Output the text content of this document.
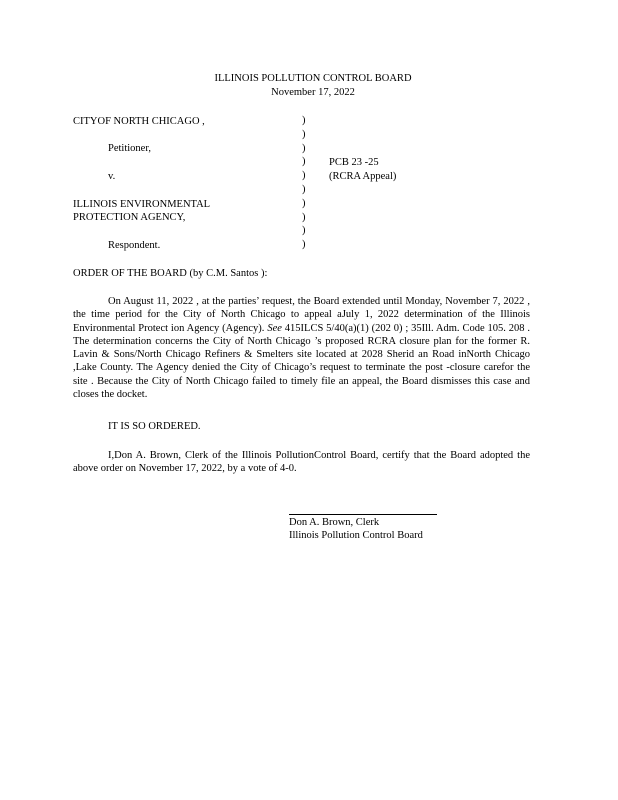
ILLINOIS POLLUTION CONTROL BOARD
November 17, 2022
CITYOF NORTH CHICAGO ,
Petitioner,
v.
ILLINOIS ENVIRONMENTAL
PROTECTION AGENCY,
Respondent.
)
)
)
)
)
)
)
)
)
)
PCB 23 -25
(RCRA Appeal)
ORDER OF THE BOARD (by C.M. Santos ):
On August 11, 2022 , at the parties’ request, the Board extended until Monday, November 7, 2022 , the time period for the City of North Chicago to appeal aJuly 1, 2022 determination of the Illinois Environmental Protect ion Agency (Agency). See 415ILCS 5/40(a)(1) (202 0) ; 35Ill. Adm. Code 105. 208 . The determination concerns the City of North Chicago ’s proposed RCRA closure plan for the former R. Lavin & Sons/North Chicago Refiners & Smelters site located at 2028 Sherid an Road inNorth Chicago ,Lake County. The Agency denied the City of Chicago’s request to terminate the post -closure carefor the site . Because the City of North Chicago failed to timely file an appeal, the Board dismisses this case and closes the docket.
IT IS SO ORDERED.
I,Don A. Brown, Clerk of the Illinois PollutionControl Board, certify that the Board adopted the above order on November 17, 2022, by a vote of 4-0.
Don A. Brown, Clerk
Illinois Pollution Control Board
